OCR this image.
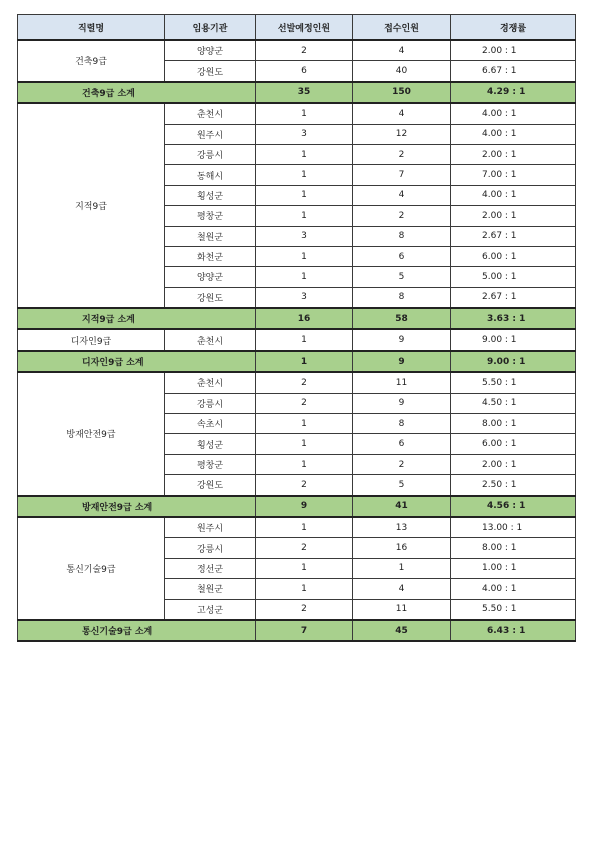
직렬명	임용기관	선발예정인원	접수인원	경쟁률
건축9급	양양군	2	4	2.00 : 1
	강원도	6	40	6.67 : 1
건축9급 소계		35	150	4.29 : 1
지적9급	춘천시	1	4	4.00 : 1
	원주시	3	12	4.00 : 1
	강릉시	1	2	2.00 : 1
	동해시	1	7	7.00 : 1
	횡성군	1	4	4.00 : 1
	평창군	1	2	2.00 : 1
	철원군	3	8	2.67 : 1
	화천군	1	6	6.00 : 1
	양양군	1	5	5.00 : 1
	강원도	3	8	2.67 : 1
지적9급 소계		16	58	3.63 : 1
디자인9급	춘천시	1	9	9.00 : 1
디자인9급 소계		1	9	9.00 : 1
방재안전9급	춘천시	2	11	5.50 : 1
	강릉시	2	9	4.50 : 1
	속초시	1	8	8.00 : 1
	횡성군	1	6	6.00 : 1
	평창군	1	2	2.00 : 1
	강원도	2	5	2.50 : 1
방재안전9급 소계		9	41	4.56 : 1
통신기술9급	원주시	1	13	13.00 : 1
	강릉시	2	16	8.00 : 1
	정선군	1	1	1.00 : 1
	철원군	1	4	4.00 : 1
	고성군	2	11	5.50 : 1
통신기술9급 소계		7	45	6.43 : 1
